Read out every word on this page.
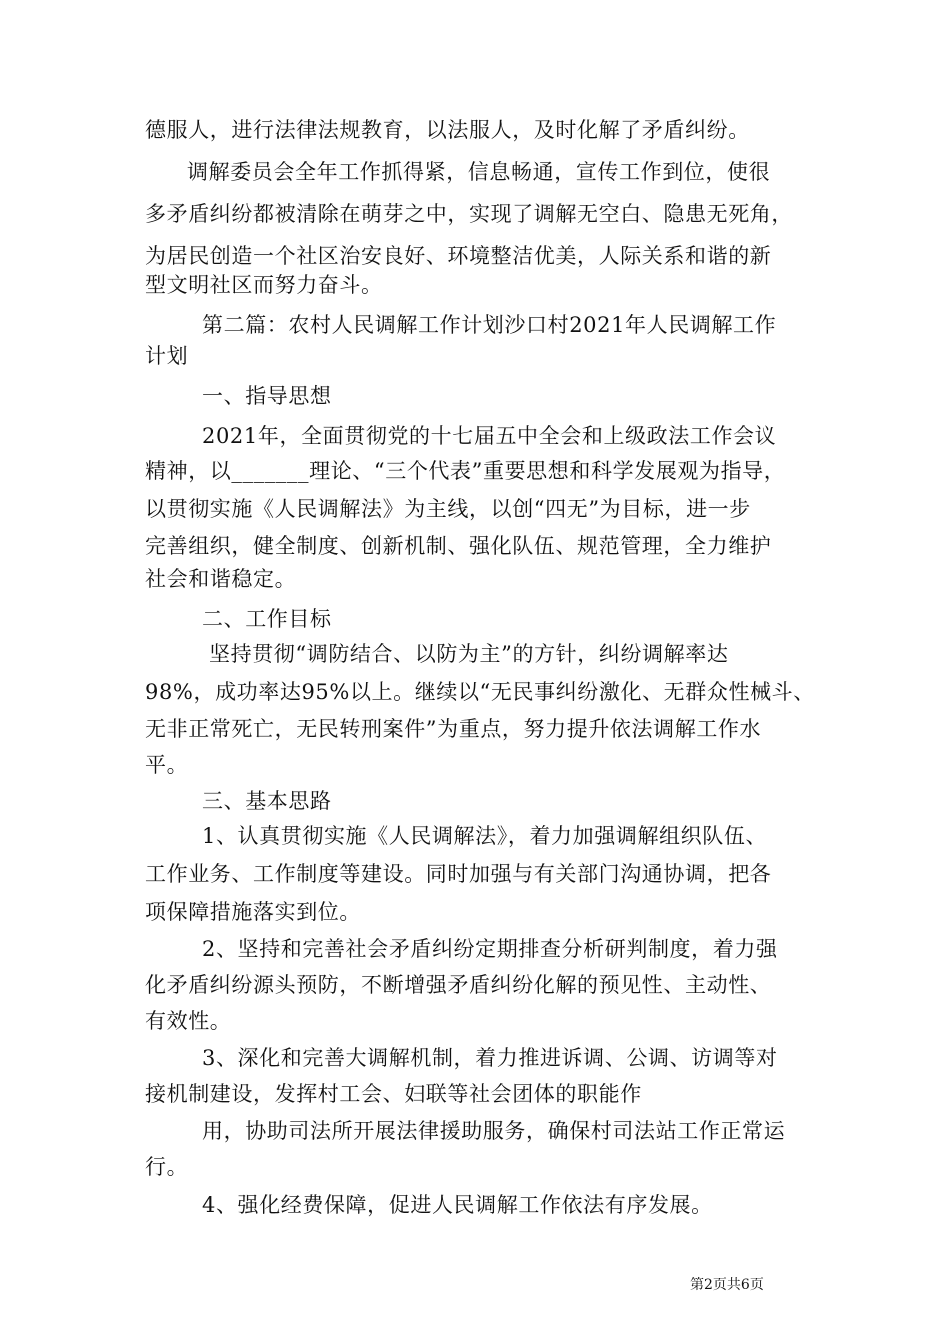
德服人，进行法律法规教育，以法服人，及时化解了矛盾纠纷。
调解委员会全年工作抓得紧，信息畅通，宣传工作到位，使很
多矛盾纠纷都被清除在萌芽之中，实现了调解无空白、隐患无死角，
为居民创造一个社区治安良好、环境整洁优美，人际关系和谐的新
型文明社区而努力奋斗。
第二篇：农村人民调解工作计划沙口村2021年人民调解工作
计划
一、指导思想
2021年，全面贯彻党的十七届五中全会和上级政法工作会议
精神，以_______理论、“三个代表”重要思想和科学发展观为指导，
以贯彻实施《人民调解法》为主线，以创“四无”为目标，进一步
完善组织，健全制度、创新机制、强化队伍、规范管理，全力维护
社会和谐稳定。
二、工作目标
坚持贯彻“调防结合、以防为主”的方针，纠纷调解率达
98%，成功率达95%以上。继续以“无民事纠纷激化、无群众性械斗、
无非正常死亡，无民转刑案件”为重点，努力提升依法调解工作水
平。
三、基本思路
1、认真贯彻实施《人民调解法》，着力加强调解组织队伍、
工作业务、工作制度等建设。同时加强与有关部门沟通协调，把各
项保障措施落实到位。
2、坚持和完善社会矛盾纠纷定期排查分析研判制度，着力强
化矛盾纠纷源头预防，不断增强矛盾纠纷化解的预见性、主动性、
有效性。
3、深化和完善大调解机制，着力推进诉调、公调、访调等对
接机制建设，发挥村工会、妇联等社会团体的职能作
用，协助司法所开展法律援助服务，确保村司法站工作正常运
行。
4、强化经费保障，促进人民调解工作依法有序发展。
第2页共6页
